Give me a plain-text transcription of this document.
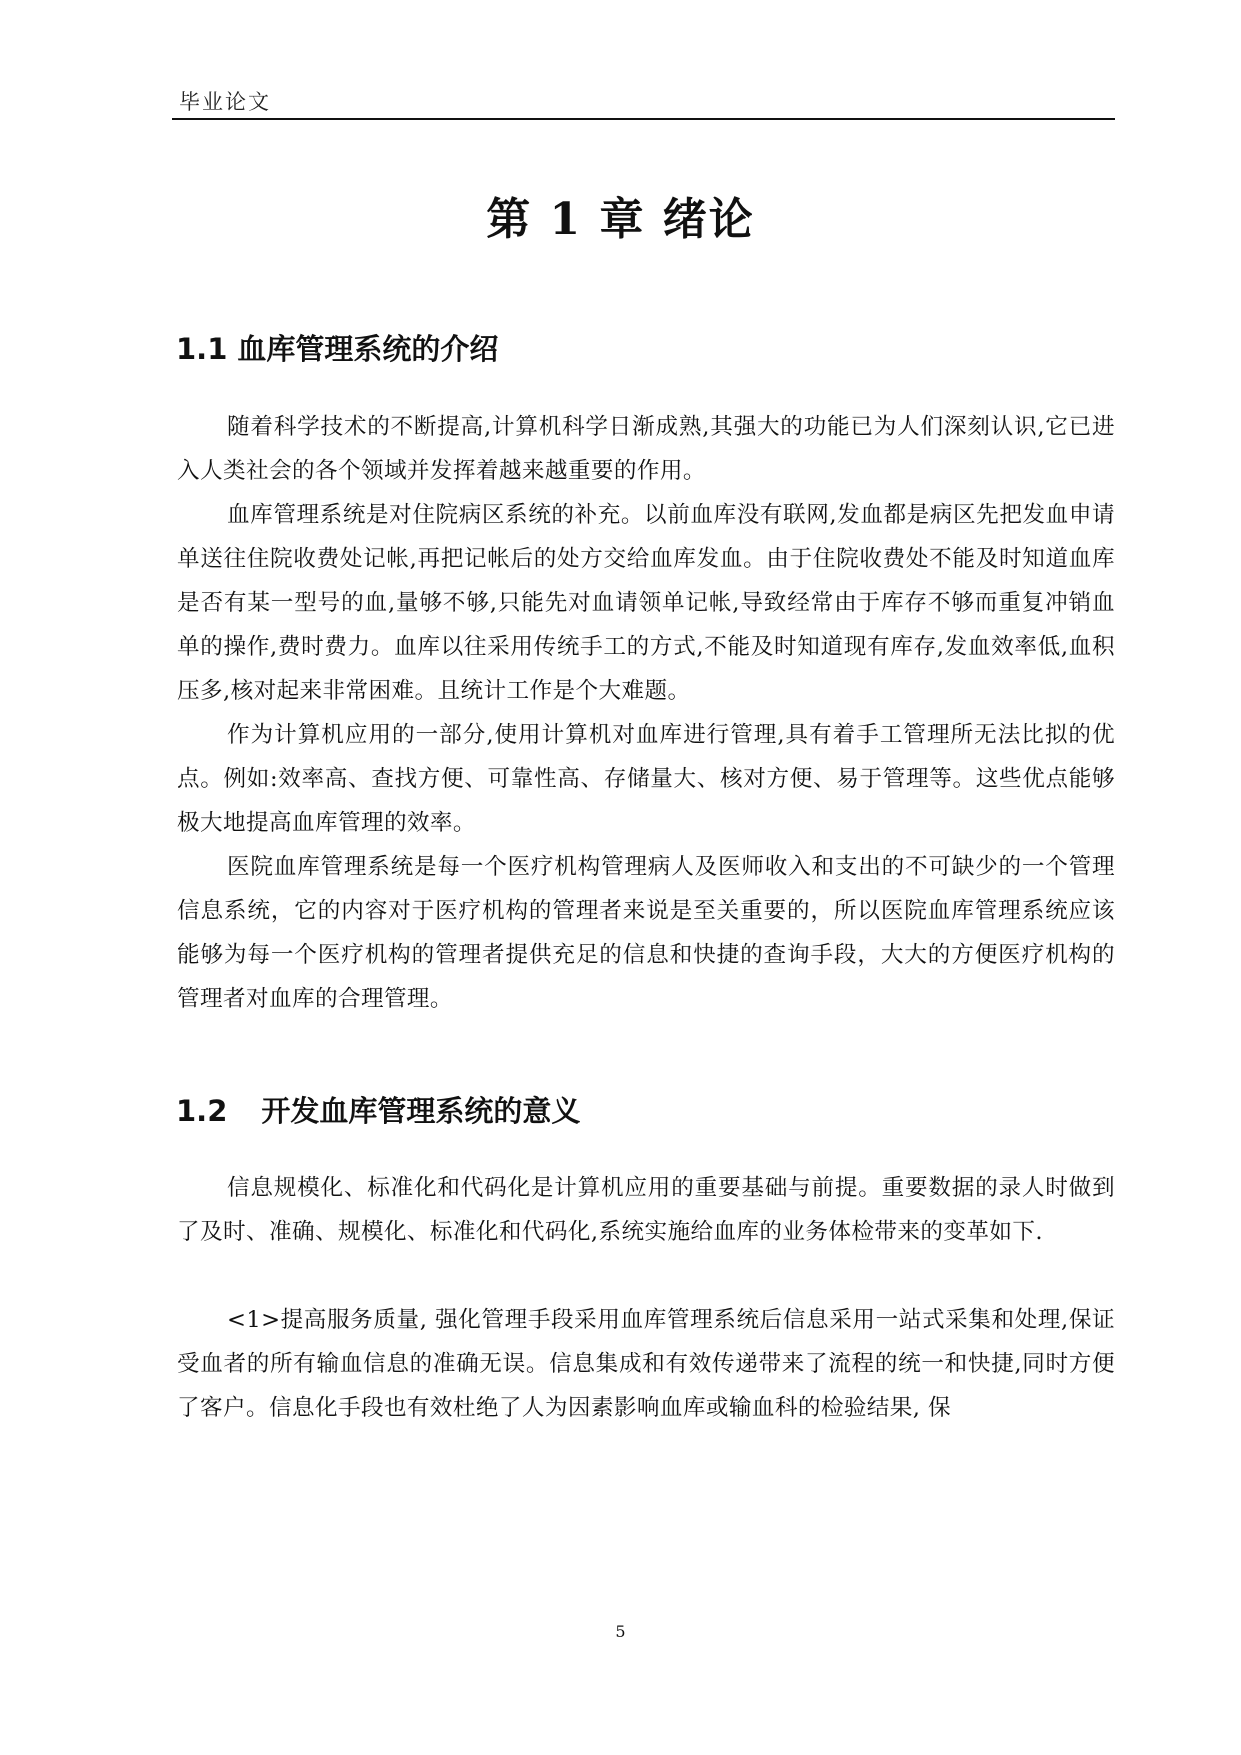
毕业论文
第 1 章 绪论
1.1 血库管理系统的介绍

随着科学技术的不断提高,计算机科学日渐成熟,其强大的功能已为人们深刻认识,它已进入人类社会的各个领域并发挥着越来越重要的作用。

血库管理系统是对住院病区系统的补充。以前血库没有联网,发血都是病区先把发血申请单送往住院收费处记帐,再把记帐后的处方交给血库发血。由于住院收费处不能及时知道血库是否有某一型号的血,量够不够,只能先对血请领单记帐,导致经常由于库存不够而重复冲销血单的操作,费时费力。血库以往采用传统手工的方式,不能及时知道现有库存,发血效率低,血积压多,核对起来非常困难。且统计工作是个大难题。

作为计算机应用的一部分,使用计算机对血库进行管理,具有着手工管理所无法比拟的优点。例如:效率高、查找方便、可靠性高、存储量大、核对方便、易于管理等。这些优点能够极大地提高血库管理的效率。

医院血库管理系统是每一个医疗机构管理病人及医师收入和支出的不可缺少的一个管理信息系统，它的内容对于医疗机构的管理者来说是至关重要的，所以医院血库管理系统应该能够为每一个医疗机构的管理者提供充足的信息和快捷的查询手段，大大的方便医疗机构的管理者对血库的合理管理。

1.2 开发血库管理系统的意义

信息规模化、标准化和代码化是计算机应用的重要基础与前提。重要数据的录人时做到了及时、准确、规模化、标准化和代码化,系统实施给血库的业务体检带来的变革如下.

<1>提高服务质量, 强化管理手段采用血库管理系统后信息采用一站式采集和处理,保证受血者的所有输血信息的准确无误。信息集成和有效传递带来了流程的统一和快捷,同时方便了客户。信息化手段也有效杜绝了人为因素影响血库或输血科的检验结果, 保

5
